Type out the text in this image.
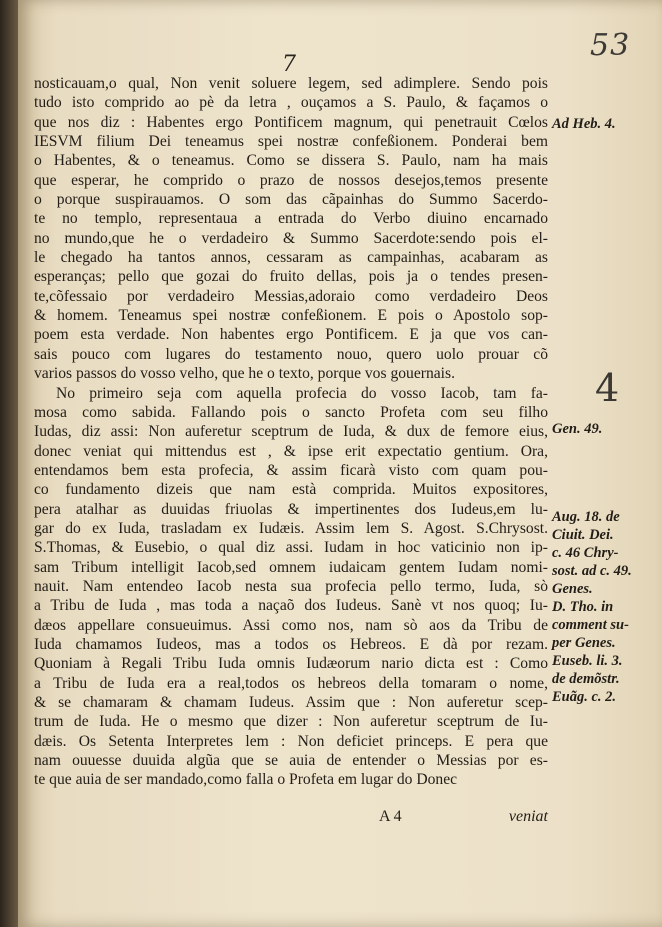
53
7
nosticauam,o qual, Non venit soluere legem, sed adimplere. Sendo pois
tudo isto comprido ao pè da letra , ouçamos a S. Paulo, & façamos o
que nos diz : Habentes ergo Pontificem magnum, qui penetrauit Cœlos
IESVM filium Dei teneamus spei nostræ confeßionem. Ponderai bem
o Habentes, & o teneamus. Como se dissera S. Paulo, nam ha mais
que esperar, he comprido o prazo de nossos desejos,temos presente
o porque suspirauamos. O som das cãpainhas do Summo Sacerdo-
te no templo, representaua a entrada do Verbo diuino encarnado
no mundo,que he o verdadeiro & Summo Sacerdote:sendo pois el-
le chegado ha tantos annos, cessaram as campainhas, acabaram as
esperanças; pello que gozai do fruito dellas, pois ja o tendes presen-
te,cõfessaio por verdadeiro Messias,adoraio como verdadeiro Deos
& homem. Teneamus spei nostræ confeßionem. E pois o Apostolo sop-
poem esta verdade. Non habentes ergo Pontificem. E ja que vos can-
sais pouco com lugares do testamento nouo, quero uolo prouar cõ
varios passos do vosso velho, que he o texto, porque vos gouernais.
No primeiro seja com aquella profecia do vosso Iacob, tam fa-
mosa como sabida. Fallando pois o sancto Profeta com seu filho
Iudas, diz assi: Non auferetur sceptrum de Iuda, & dux de femore eius,
donec veniat qui mittendus est , & ipse erit expectatio gentium. Ora,
entendamos bem esta profecia, & assim ficarà visto com quam pou-
co fundamento dizeis que nam està comprida. Muitos expositores,
pera atalhar as duuidas friuolas & impertinentes dos Iudeus,em lu-
gar do ex Iuda, trasladam ex Iudæis. Assim lem S. Agost. S.Chrysost.
S.Thomas, & Eusebio, o qual diz assi. Iudam in hoc vaticinio non ip-
sam Tribum intelligit Iacob,sed omnem iudaicam gentem Iudam nomi-
nauit. Nam entendeo Iacob nesta sua profecia pello termo, Iuda, sò
a Tribu de Iuda , mas toda a naçaõ dos Iudeus. Sanè vt nos quoq; Iu-
dæos appellare consueuimus. Assi como nos, nam sò aos da Tribu de
Iuda chamamos Iudeos, mas a todos os Hebreos. E dà por rezam.
Quoniam à Regali Tribu Iuda omnis Iudæorum nario dicta est : Como
a Tribu de Iuda era a real,todos os hebreos della tomaram o nome,
& se chamaram & chamam Iudeus. Assim que : Non auferetur scep-
trum de Iuda. He o mesmo que dizer : Non auferetur sceptrum de Iu-
dæis. Os Setenta Interpretes lem : Non deficiet princeps. E pera que
nam ouuesse duuida algũa que se auia de entender o Messias por es-
te que auia de ser mandado,como falla o Profeta em lugar do Donec
Ad Heb. 4.
4
Gen. 49.
Aug. 18. de
Ciuit. Dei.
c. 46 Chry-
sost. ad c. 49.
Genes.
D. Tho. in
comment su-
per Genes.
Euseb. li. 3.
de demõstr.
Euãg. c. 2.
A 4	veniat
